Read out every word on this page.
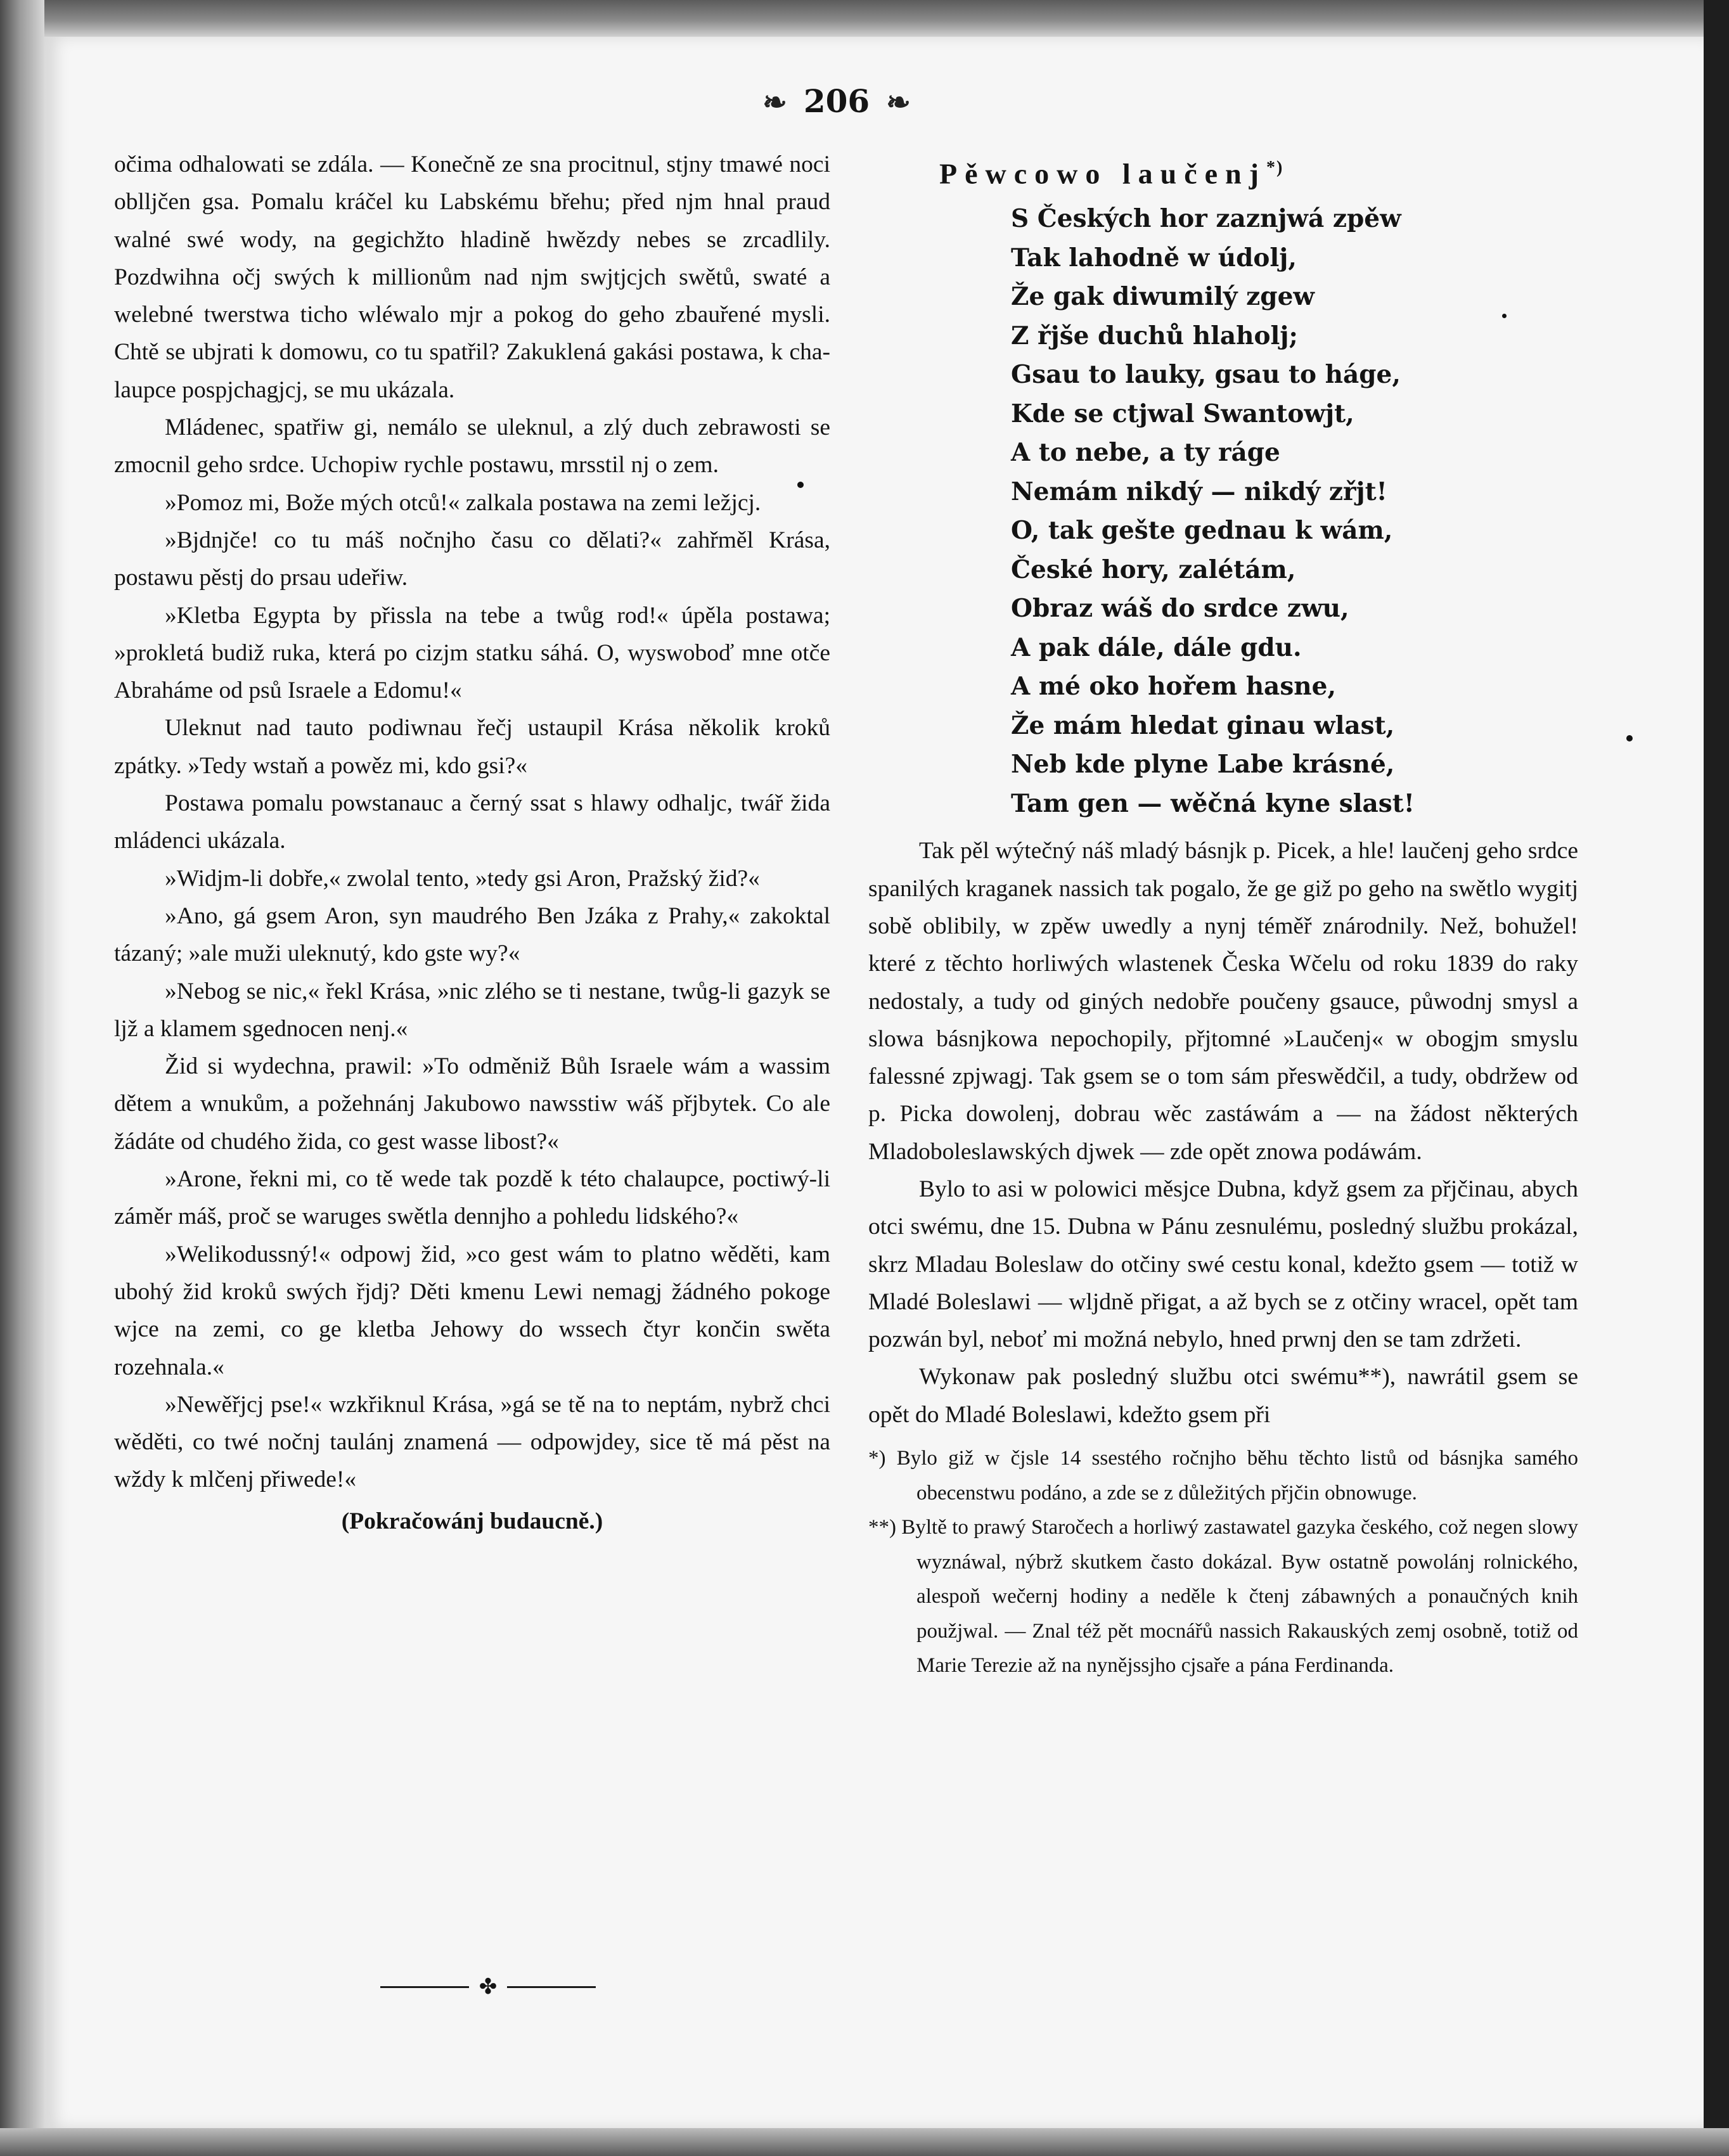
❧ 206 ❧

očima odhalowati se zdála. — Konečně ze sna procitnul, stjny tmawé noci oblljčen gsa. Pomalu kráčel ku Labskému břehu; před njm hnal praud walné swé wody, na gegichžto hladině hwězdy nebes se zrcadlily. Pozdwihna očj swých k millionům nad njm swjtjcjch swětů, swaté a welebné twerstwa ticho wléwalo mjr a pokog do geho zbauřené mysli. Chtě se ubjrati k domowu, co tu spatřil? Zakuklená gakási postawa, k chalaupce pospjchagjcj, se mu ukázala.

Mládenec, spatřiw gi, nemálo se uleknul, a zlý duch zebrawosti se zmocnil geho srdce. Uchopiw rychle postawu, mrsstil nj o zem.

»Pomoz mi, Bože mých otců!« zalkala postawa na zemi ležjcj.

»Bjdnjče! co tu máš nočnjho času co dělati?« zahřměl Krása, postawu pěstj do prsau udeřiw.

»Kletba Egypta by přissla na tebe a twůg rod!« úpěla postawa; »prokletá budiž ruka, která po cizjm statku sáhá. O, wyswoboď mne otče Abraháme od psů Israele a Edomu!«

Uleknut nad tauto podiwnau řečj ustaupil Krása několik kroků zpátky. »Tedy wstaň a powěz mi, kdo gsi?«

Postawa pomalu powstanauc a černý ssat s hlawy odhaljc, twář žida mládenci ukázala.

»Widjm-li dobře,« zwolal tento, »tedy gsi Aron, Pražský žid?«

»Ano, gá gsem Aron, syn maudrého Ben Jzáka z Prahy,« zakoktal tázaný; »ale muži uleknutý, kdo gste wy?«

»Nebog se nic,« řekl Krása, »nic zlého se ti nestane, twůg-li gazyk se ljž a klamem sgednocen nenj.«

Žid si wydechna, prawil: »To odměniž Bůh Israele wám a wassim dětem a wnukům, a požehnánj Jakubowo nawsstiw wáš přjbytek. Co ale žádáte od chudého žida, co gest wasse libost?«

»Arone, řekni mi, co tě wede tak pozdě k této chalaupce, poctiwý-li záměr máš, proč se waruges swětla dennjho a pohledu lidského?«

»Welikodussný!« odpowj žid, »co gest wám to platno wěděti, kam ubohý žid kroků swých řjdj? Děti kmenu Lewi nemagj žádného pokoge wjce na zemi, co ge kletba Jehowy do wssech čtyr končin swěta rozehnala.«

»Newěřjcj pse!« wzkřiknul Krása, »gá se tě na to neptám, nybrž chci wěděti, co twé nočnj taulánj znamená — odpowjdey, sice tě má pěst na wždy k mlčenj přiwede!«

(Pokračowánj budaucně.)

✤
Pěwcowo laučenj*)
S Českých hor zaznjwá zpěw
Tak lahodně w údolj,
Že gak diwumilý zgew
Z řjše duchů hlaholj;
Gsau to lauky, gsau to háge,
Kde se ctjwal Swantowjt,
A to nebe, a ty ráge
Nemám nikdý — nikdý zřjt!
O, tak gešte gednau k wám,
České hory, zalétám,
Obraz wáš do srdce zwu,
A pak dále, dále gdu.
A mé oko hořem hasne,
Že mám hledat ginau wlast,
Neb kde plyne Labe krásné,
Tam gen — wěčná kyne slast!

Tak pěl wýtečný náš mladý básnjk p. Picek, a hle! laučenj geho srdce spanilých kraganek nassich tak pogalo, že ge giž po geho na swětlo wygitj sobě oblibily, w zpěw uwedly a nynj téměř znárodnily. Než, bohužel! které z těchto horliwých wlastenek Česka Wčelu od roku 1839 do raky nedostaly, a tudy od giných nedobře poučeny gsauce, půwodnj smysl a slowa básnjkowa nepochopily, přjtomné »Laučenj« w obogjm smyslu falessné zpjwagj. Tak gsem se o tom sám přeswědčil, a tudy, obdržew od p. Picka dowolenj, dobrau wěc zastáwám a — na žádost některých Mladoboleslawských djwek — zde opět znowa podáwám.

Bylo to asi w polowici měsjce Dubna, když gsem za přjčinau, abych otci swému, dne 15. Dubna w Pánu zesnulému, posledný službu prokázal, skrz Mladau Boleslaw do otčiny swé cestu konal, kdežto gsem — totiž w Mladé Boleslawi — wljdně přigat, a až bych se z otčiny wracel, opět tam pozwán byl, neboť mi možná nebylo, hned prwnj den se tam zdržeti.

Wykonaw pak posledný službu otci swému**), nawrátil gsem se opět do Mladé Boleslawi, kdežto gsem při

*) Bylo giž w čjsle 14 ssestého ročnjho běhu těchto listů od básnjka samého obecenstwu podáno, a zde se z důležitých přjčin obnowuge.

**) Byltě to prawý Staročech a horliwý zastawatel gazyka českého, což negen slowy wyznáwal, nýbrž skutkem často dokázal. Byw ostatně powolánj rolnického, alespoň wečernj hodiny a neděle k čtenj zábawných a ponaučných knih použjwal. — Znal též pět mocnářů nassich Rakauských zemj osobně, totiž od Marie Terezie až na nynějssjho cjsaře a pána Ferdinanda.
